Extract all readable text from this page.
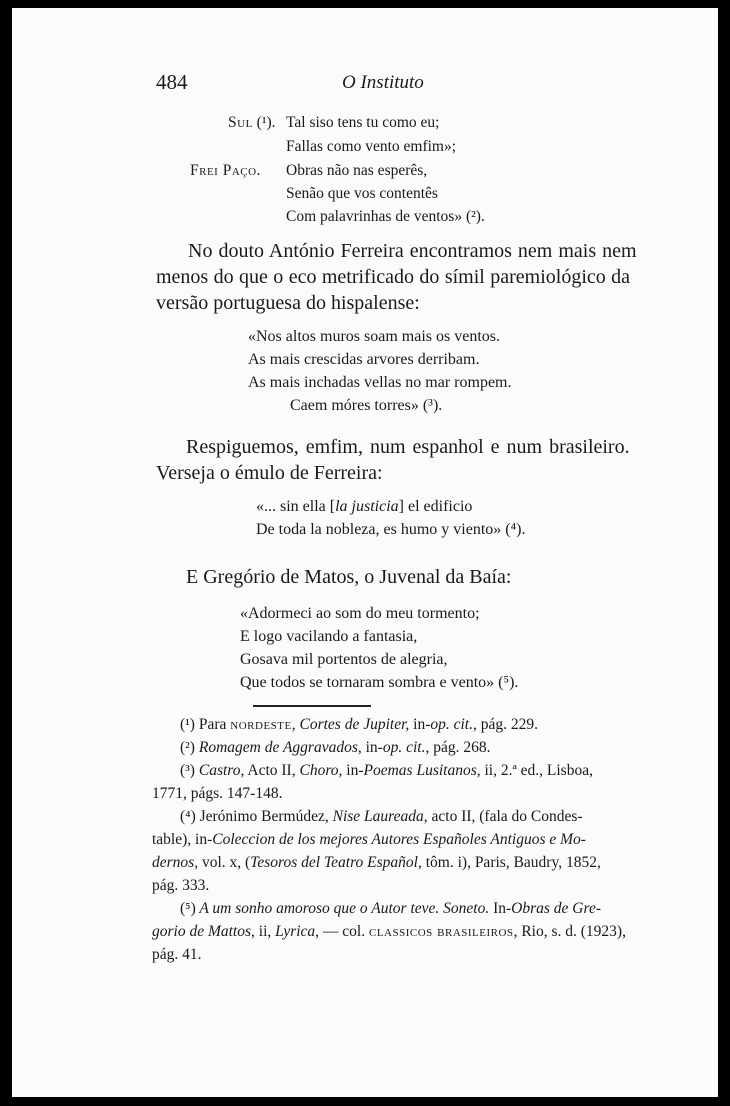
484	O Instituto
Sul (¹). Tal siso tens tu como eu;
Fallas como vento emfim»;
Frei Paço. Obras não nas esperês,
Senão que vos contentês
Com palavrinhas de ventos» (²).
No douto António Ferreira encontramos nem mais nem
menos do que o eco metrificado do símil paremiológico da
versão portuguesa do hispalense:
«Nos altos muros soam mais os ventos.
As mais crescidas arvores derribam.
As mais inchadas vellas no mar rompem.
Caem móres torres» (³).
Respiguemos, emfim, num espanhol e num brasileiro.
Verseja o émulo de Ferreira:
«... sin ella [la justicia] el edificio
De toda la nobleza, es humo y viento» (⁴).
E Gregório de Matos, o Juvenal da Baía:
«Adormeci ao som do meu tormento;
E logo vacilando a fantasia,
Gosava mil portentos de alegria,
Que todos se tornaram sombra e vento» (⁵).
(¹) Para nordeste, Cortes de Jupiter, in-op. cit., pág. 229.
(²) Romagem de Aggravados, in-op. cit., pág. 268.
(³) Castro, Acto II, Choro, in-Poemas Lusitanos, ii, 2.ª ed., Lisboa,
1771, págs. 147-148.
(⁴) Jerónimo Bermúdez, Nise Laureada, acto II, (fala do Condes-
table), in-Coleccion de los mejores Autores Españoles Antiguos e Mo-
dernos, vol. x, (Tesoros del Teatro Español, tôm. i), Paris, Baudry, 1852,
pág. 333.
(⁵) A um sonho amoroso que o Autor teve. Soneto. In-Obras de Gre-
gorio de Mattos, ii, Lyrica, — col. classicos brasileiros, Rio, s. d. (1923),
pág. 41.
